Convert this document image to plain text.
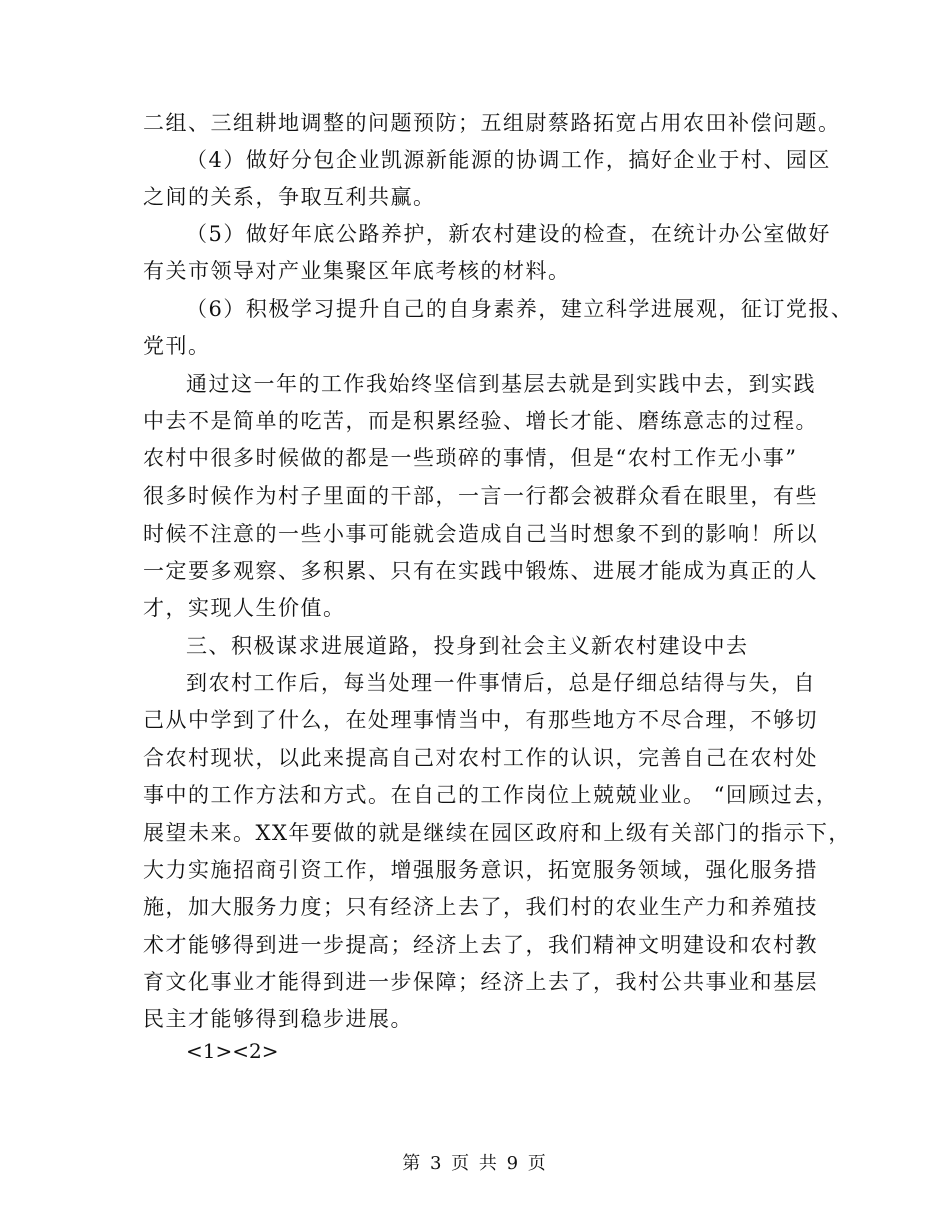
二组、三组耕地调整的问题预防；五组尉蔡路拓宽占用农田补偿问题。
（4）做好分包企业凯源新能源的协调工作，搞好企业于村、园区
之间的关系，争取互利共赢。
（5）做好年底公路养护，新农村建设的检查，在统计办公室做好
有关市领导对产业集聚区年底考核的材料。
（6）积极学习提升自己的自身素养，建立科学进展观，征订党报、
党刊。
通过这一年的工作我始终坚信到基层去就是到实践中去，到实践
中去不是简单的吃苦，而是积累经验、增长才能、磨练意志的过程。
农村中很多时候做的都是一些琐碎的事情，但是“农村工作无小事”
很多时候作为村子里面的干部，一言一行都会被群众看在眼里，有些
时候不注意的一些小事可能就会造成自己当时想象不到的影响！所以
一定要多观察、多积累、只有在实践中锻炼、进展才能成为真正的人
才，实现人生价值。
三、积极谋求进展道路，投身到社会主义新农村建设中去
到农村工作后，每当处理一件事情后，总是仔细总结得与失，自
己从中学到了什么，在处理事情当中，有那些地方不尽合理，不够切
合农村现状，以此来提高自己对农村工作的认识，完善自己在农村处
事中的工作方法和方式。在自己的工作岗位上兢兢业业。 “回顾过去，
展望未来。XX年要做的就是继续在园区政府和上级有关部门的指示下，
大力实施招商引资工作，增强服务意识，拓宽服务领域，强化服务措
施，加大服务力度；只有经济上去了，我们村的农业生产力和养殖技
术才能够得到进一步提高；经济上去了，我们精神文明建设和农村教
育文化事业才能得到进一步保障；经济上去了，我村公共事业和基层
民主才能够得到稳步进展。
<1><2>
第 3 页 共 9 页
